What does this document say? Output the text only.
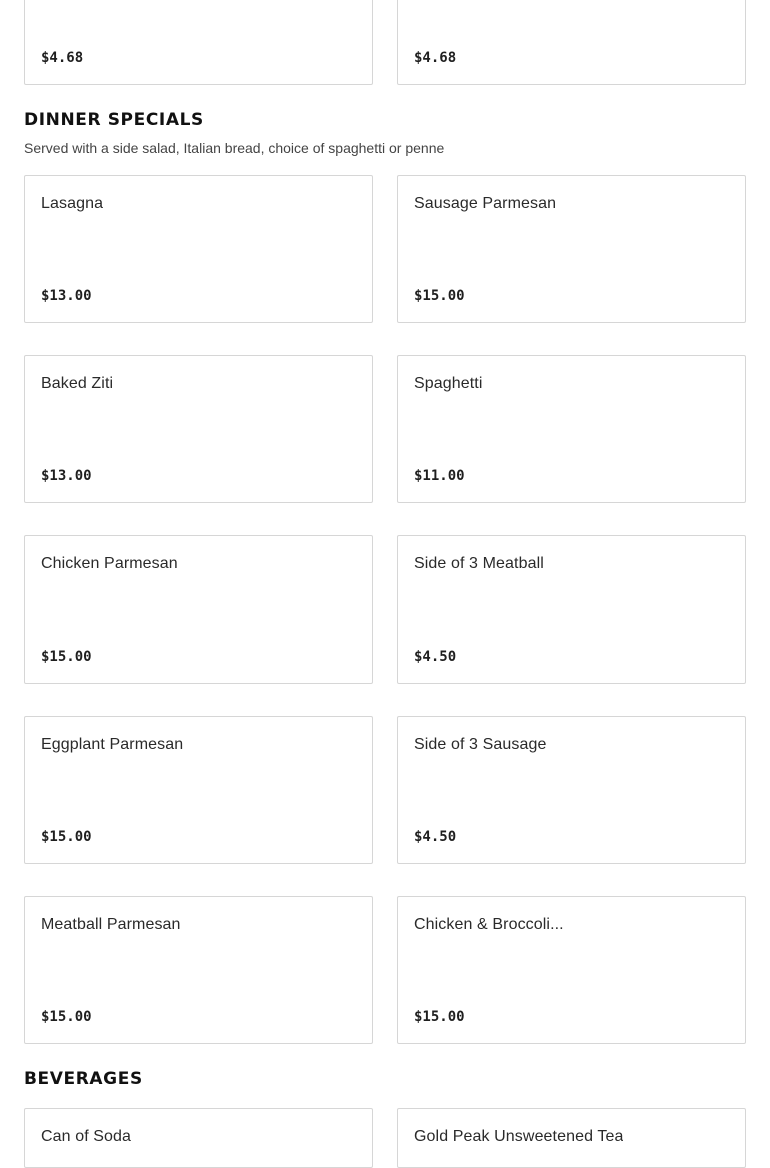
$4.68	$4.68
DINNER SPECIALS

Served with a side salad, Italian bread, choice of spaghetti or penne

Lasagna
$13.00
Sausage Parmesan
$15.00
Baked Ziti
$13.00
Spaghetti
$11.00
Chicken Parmesan
$15.00
Side of 3 Meatball
$4.50
Eggplant Parmesan
$15.00
Side of 3 Sausage
$4.50
Meatball Parmesan
$15.00
Chicken & Broccoli...
$15.00
BEVERAGES
Can of Soda	Gold Peak Unsweetened Tea
